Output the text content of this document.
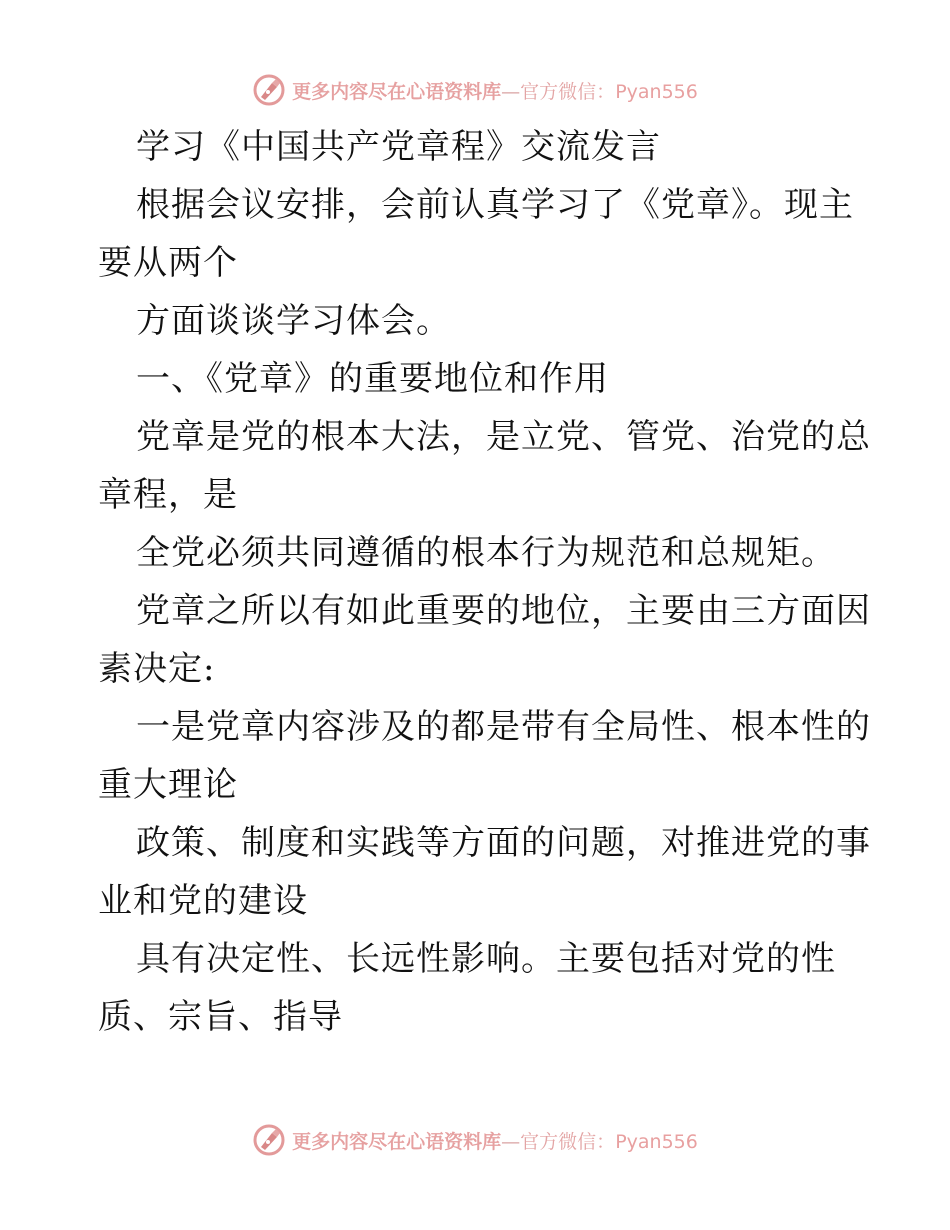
更多内容尽在心语资料库—官方微信：Pyan556
学习《中国共产党章程》交流发言
根据会议安排，会前认真学习了《党章》。现主
要从两个
方面谈谈学习体会。
一、《党章》的重要地位和作用
党章是党的根本大法，是立党、管党、治党的总
章程，是
全党必须共同遵循的根本行为规范和总规矩。
党章之所以有如此重要的地位，主要由三方面因
素决定:
一是党章内容涉及的都是带有全局性、根本性的
重大理论
政策、制度和实践等方面的问题，对推进党的事
业和党的建设
具有决定性、长远性影响。主要包括对党的性
质、宗旨、指导
更多内容尽在心语资料库—官方微信：Pyan556
